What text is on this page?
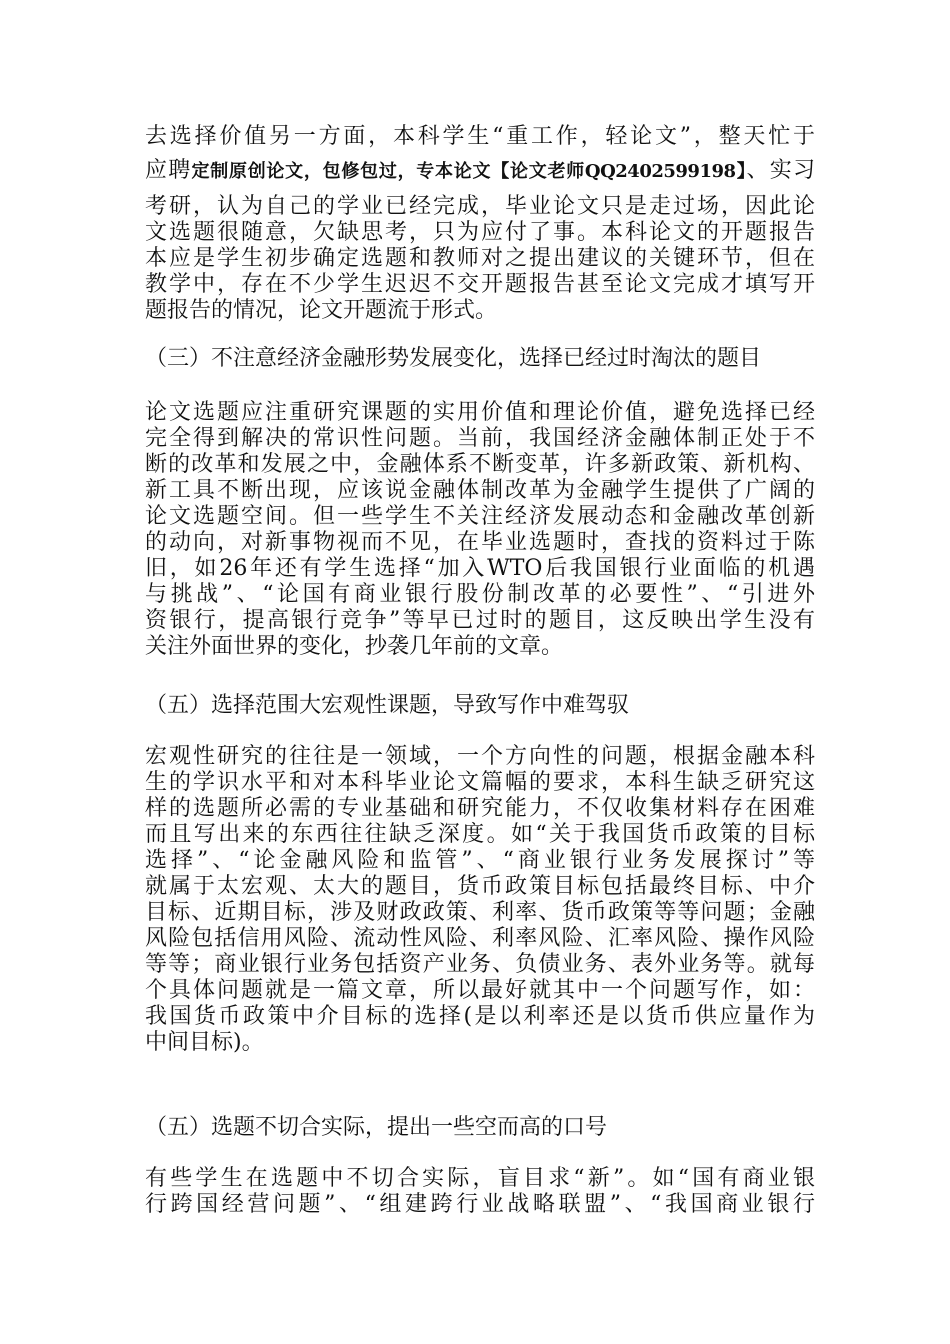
去选择价值另一方面，本科学生“重工作，轻论文”，整天忙于
应聘定制原创论文，包修包过，专本论文【论文老师QQ2402599198】、实习
考研，认为自己的学业已经完成，毕业论文只是走过场，因此论
文选题很随意，欠缺思考，只为应付了事。本科论文的开题报告
本应是学生初步确定选题和教师对之提出建议的关键环节，但在
教学中，存在不少学生迟迟不交开题报告甚至论文完成才填写开
题报告的情况，论文开题流于形式。
（三）不注意经济金融形势发展变化，选择已经过时淘汰的题目
论文选题应注重研究课题的实用价值和理论价值，避免选择已经
完全得到解决的常识性问题。当前，我国经济金融体制正处于不
断的改革和发展之中，金融体系不断变革，许多新政策、新机构、
新工具不断出现，应该说金融体制改革为金融学生提供了广阔的
论文选题空间。但一些学生不关注经济发展动态和金融改革创新
的动向，对新事物视而不见，在毕业选题时，查找的资料过于陈
旧，如26年还有学生选择“加入WTO后我国银行业面临的机遇
与挑战”、“论国有商业银行股份制改革的必要性”、“引进外
资银行，提高银行竞争”等早已过时的题目，这反映出学生没有
关注外面世界的变化，抄袭几年前的文章。
（五）选择范围大宏观性课题，导致写作中难驾驭
宏观性研究的往往是一领域，一个方向性的问题，根据金融本科
生的学识水平和对本科毕业论文篇幅的要求，本科生缺乏研究这
样的选题所必需的专业基础和研究能力，不仅收集材料存在困难
而且写出来的东西往往缺乏深度。如“关于我国货币政策的目标
选择”、“论金融风险和监管”、“商业银行业务发展探讨”等
就属于太宏观、太大的题目，货币政策目标包括最终目标、中介
目标、近期目标，涉及财政政策、利率、货币政策等等问题；金融
风险包括信用风险、流动性风险、利率风险、汇率风险、操作风险
等等；商业银行业务包括资产业务、负债业务、表外业务等。就每
个具体问题就是一篇文章，所以最好就其中一个问题写作，如：
我国货币政策中介目标的选择(是以利率还是以货币供应量作为
中间目标)。
（五）选题不切合实际，提出一些空而高的口号
有些学生在选题中不切合实际，盲目求“新”。如“国有商业银
行跨国经营问题”、“组建跨行业战略联盟”、“我国商业银行
